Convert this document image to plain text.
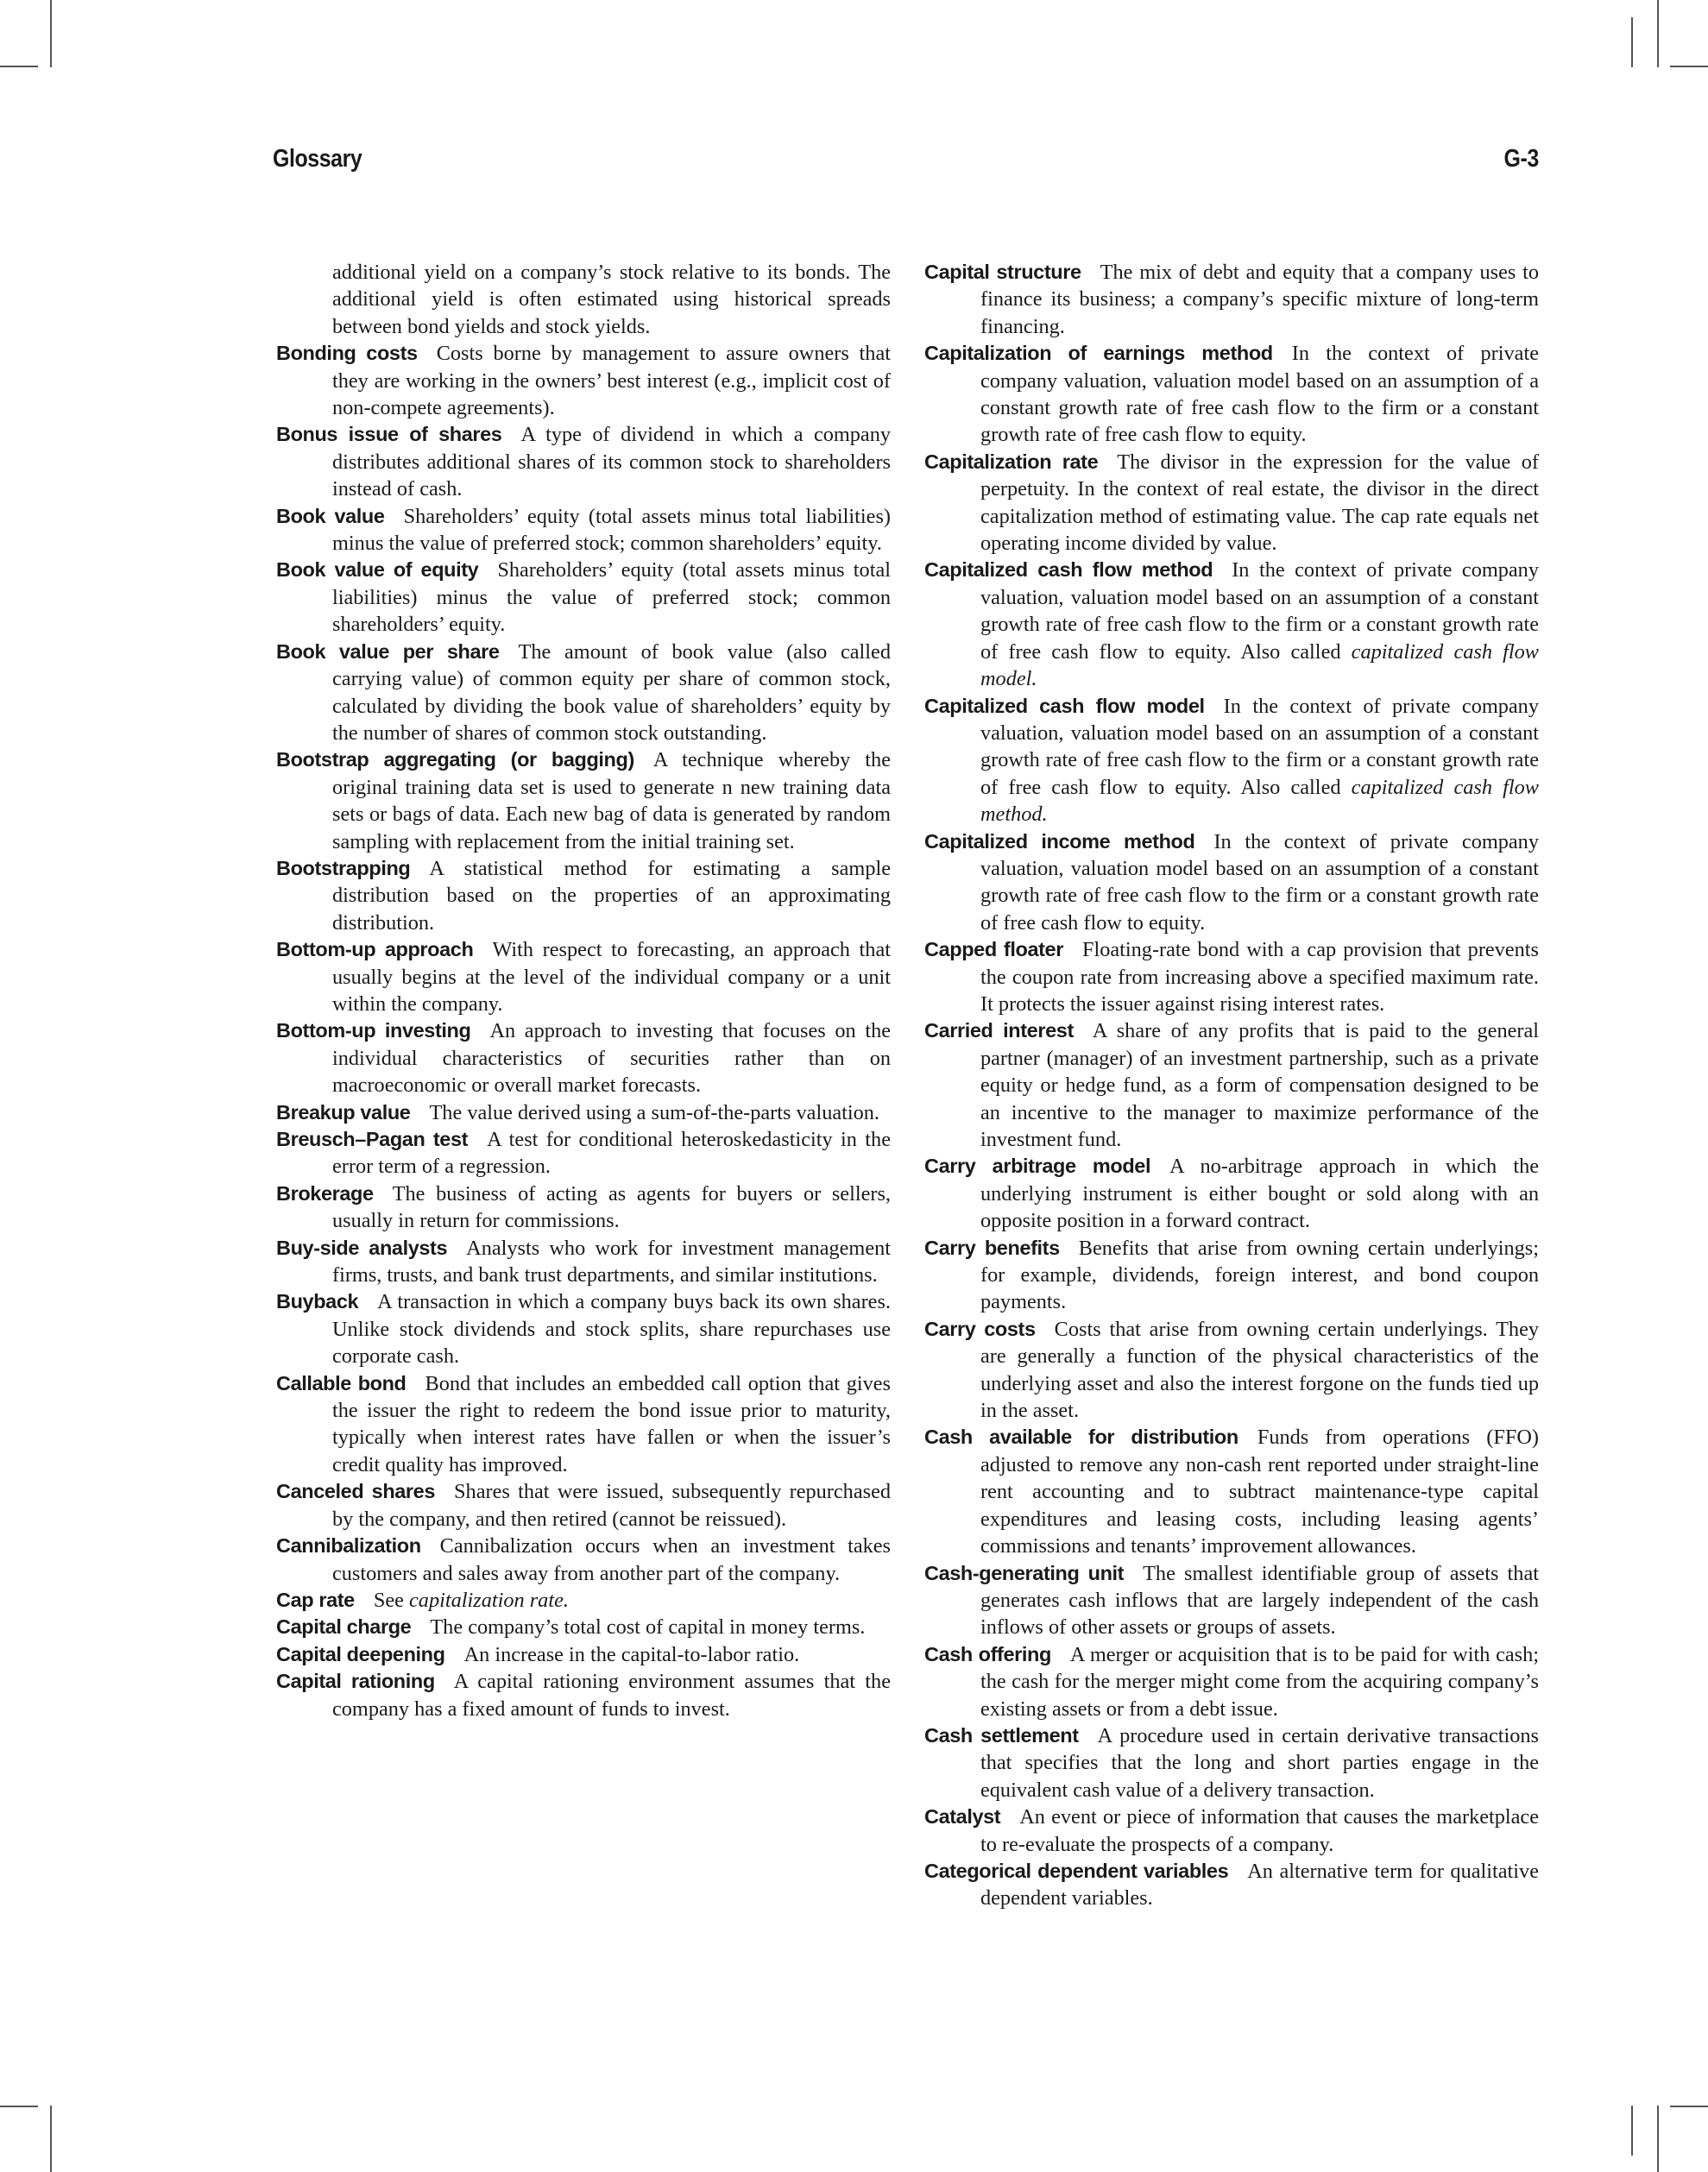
Glossary	G-3
additional yield on a company’s stock relative to its bonds. The additional yield is often estimated using historical spreads between bond yields and stock yields.
Bonding costs Costs borne by management to assure owners that they are working in the owners’ best interest (e.g., implicit cost of non-compete agreements).
Bonus issue of shares A type of dividend in which a company distributes additional shares of its common stock to shareholders instead of cash.
Book value Shareholders’ equity (total assets minus total liabilities) minus the value of preferred stock; common shareholders’ equity.
Book value of equity Shareholders’ equity (total assets minus total liabilities) minus the value of preferred stock; common shareholders’ equity.
Book value per share The amount of book value (also called carrying value) of common equity per share of common stock, calculated by dividing the book value of shareholders’ equity by the number of shares of common stock outstanding.
Bootstrap aggregating (or bagging) A technique whereby the original training data set is used to generate n new training data sets or bags of data. Each new bag of data is generated by random sampling with replacement from the initial training set.
Bootstrapping A statistical method for estimating a sample distribution based on the properties of an approximating distribution.
Bottom-up approach With respect to forecasting, an approach that usually begins at the level of the individual company or a unit within the company.
Bottom-up investing An approach to investing that focuses on the individual characteristics of securities rather than on macroeconomic or overall market forecasts.
Breakup value The value derived using a sum-of-the-parts valuation.
Breusch–Pagan test A test for conditional heteroskedasticity in the error term of a regression.
Brokerage The business of acting as agents for buyers or sellers, usually in return for commissions.
Buy-side analysts Analysts who work for investment management firms, trusts, and bank trust departments, and similar institutions.
Buyback A transaction in which a company buys back its own shares. Unlike stock dividends and stock splits, share repurchases use corporate cash.
Callable bond Bond that includes an embedded call option that gives the issuer the right to redeem the bond issue prior to maturity, typically when interest rates have fallen or when the issuer’s credit quality has improved.
Canceled shares Shares that were issued, subsequently repurchased by the company, and then retired (cannot be reissued).
Cannibalization Cannibalization occurs when an investment takes customers and sales away from another part of the company.
Cap rate See capitalization rate.
Capital charge The company’s total cost of capital in money terms.
Capital deepening An increase in the capital-to-labor ratio.
Capital rationing A capital rationing environment assumes that the company has a fixed amount of funds to invest.
Capital structure The mix of debt and equity that a company uses to finance its business; a company’s specific mixture of long-term financing.
Capitalization of earnings method In the context of private company valuation, valuation model based on an assumption of a constant growth rate of free cash flow to the firm or a constant growth rate of free cash flow to equity.
Capitalization rate The divisor in the expression for the value of perpetuity. In the context of real estate, the divisor in the direct capitalization method of estimating value. The cap rate equals net operating income divided by value.
Capitalized cash flow method In the context of private company valuation, valuation model based on an assumption of a constant growth rate of free cash flow to the firm or a constant growth rate of free cash flow to equity. Also called capitalized cash flow model.
Capitalized cash flow model In the context of private company valuation, valuation model based on an assumption of a constant growth rate of free cash flow to the firm or a constant growth rate of free cash flow to equity. Also called capitalized cash flow method.
Capitalized income method In the context of private company valuation, valuation model based on an assumption of a constant growth rate of free cash flow to the firm or a constant growth rate of free cash flow to equity.
Capped floater Floating-rate bond with a cap provision that prevents the coupon rate from increasing above a specified maximum rate. It protects the issuer against rising interest rates.
Carried interest A share of any profits that is paid to the general partner (manager) of an investment partnership, such as a private equity or hedge fund, as a form of compensation designed to be an incentive to the manager to maximize performance of the investment fund.
Carry arbitrage model A no-arbitrage approach in which the underlying instrument is either bought or sold along with an opposite position in a forward contract.
Carry benefits Benefits that arise from owning certain underlyings; for example, dividends, foreign interest, and bond coupon payments.
Carry costs Costs that arise from owning certain underlyings. They are generally a function of the physical characteristics of the underlying asset and also the interest forgone on the funds tied up in the asset.
Cash available for distribution Funds from operations (FFO) adjusted to remove any non-cash rent reported under straight-line rent accounting and to subtract maintenance-type capital expenditures and leasing costs, including leasing agents’ commissions and tenants’ improvement allowances.
Cash-generating unit The smallest identifiable group of assets that generates cash inflows that are largely independent of the cash inflows of other assets or groups of assets.
Cash offering A merger or acquisition that is to be paid for with cash; the cash for the merger might come from the acquiring company’s existing assets or from a debt issue.
Cash settlement A procedure used in certain derivative transactions that specifies that the long and short parties engage in the equivalent cash value of a delivery transaction.
Catalyst An event or piece of information that causes the marketplace to re-evaluate the prospects of a company.
Categorical dependent variables An alternative term for qualitative dependent variables.
